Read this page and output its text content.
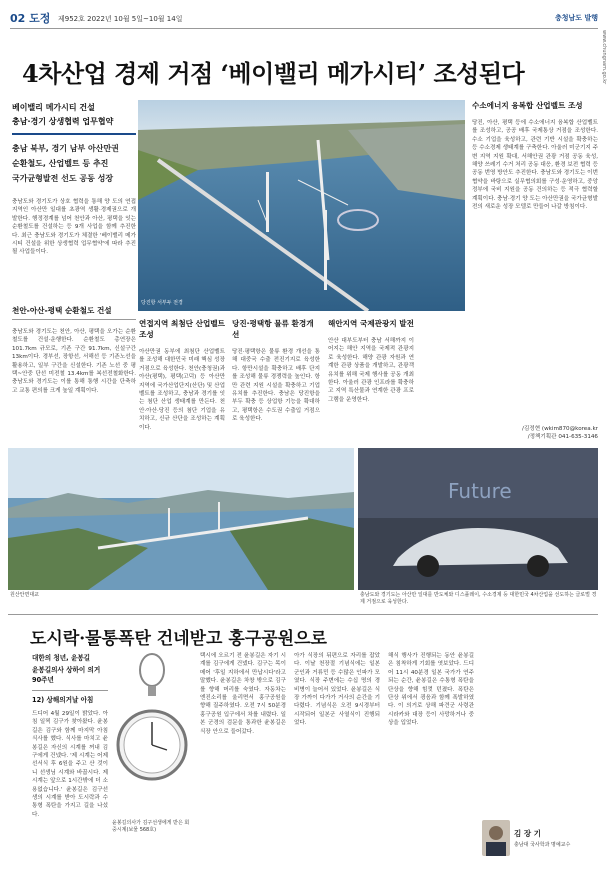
02 도정 제952호 2022년 10월 5일~10월 14일	충청남도 발행
www.chungnam.go.kr
4차산업 경제 거점 ‘베이밸리 메가시티’ 조성된다
베이밸리 메가시티 건설
충남·경기 상생협력 업무협약
충남 북부, 경기 남부 아산만권
순환철도, 산업벨트 등 추진
국가균형발전 선도 공동 성장
충남도와 경기도가 상호 협력을 통해 양 도의 연접지역인 아산만 일대를 초광역 생활·경제권으로 개발한다. 행정경계를 넘어 천안과 아산, 평택을 잇는 순환철도를 건설하는 등 9개 사업을 함께 추진한다. 최근 충남도와 경기도가 체결한 '베이밸리 메가시티 건설을 위한 상생협력 업무협약'에 따라 추진될 사업들이다.
당진항 서부두 전경
천안-아산-평택 순환철도 건설
충남도와 경기도는 천안, 아산, 평택을 오가는 순환철도를 건설·운행한다. 순환철도 총연장은 101.7km 규모로, 기존 구간 91.7km, 신설구간 13km이다. 경부선, 장항선, 서해선 등 기존노선을 활용하고, 일부 구간을 신설한다. 기존 노선 중 평택~안중 단선 미전철 13.4km를 복선전철화한다. 충남도와 경기도는 이를 통해 통행 시간을 단축하고 교통 편의를 크게 높일 계획이다.
연접지역 최첨단 산업벨트 조성
아산만권 동부에 최첨단 산업벨트를 조성해 대한민국 미래 핵심 성장거점으로 육성한다. 천안(충청권)과 아산(평택), 평택(고덕) 등 아산만 지역에 국가산업단지(산단) 및 산업벨트를 조성하고, 충남과 경기를 잇는 첨단 산업 생태계를 만든다. 천안·아산·당진 등의 첨단 기업을 유치하고, 신규 산단을 조성하는 계획이다.
당진·평택항 물류 환경개선
당진·평택항은 물류 환경 개선을 통해 대중국 수출 전진기지로 육성한다. 항만시설을 확충하고 배후 단지를 조성해 물류 경쟁력을 높인다. 항만 관련 지원 시설을 확충하고 기업 유치를 추진한다. 충남은 당진항을 부두 확충 등 상업항 기능을 확대하고, 평택항은 수도권 수출입 거점으로 육성한다.
해안지역 국제관광지 발전
안산 대부도부터 충남 서해까지 이어지는 해안 지역을 국제적 관광지로 육성한다. 해양 관광 자원과 연계한 관광 상품을 개발하고, 관광객 유치를 위해 국제 행사를 공동 개최한다. 아울러 관광 인프라를 확충하고 지역 특산물과 연계한 관광 프로그램을 운영한다.
수소에너지 융복합 산업벨트 조성
당진, 아산, 평택 등에 수소에너지 융복합 산업벨트를 조성하고, 공공 배후 국제통상 거점을 조성한다. 수소 기업을 육성하고, 관련 기반 시설을 확충하는 등 수소경제 생태계를 구축한다. 아울러 미군기지 주변 지역 지원 확대, 서해안권 관광 거점 공동 육성, 해양 쓰레기 수거 처리 공동 대응, 환경 보전 협력 등 공동 번영 방안도 추진한다. 충남도와 경기도는 이번 협약을 바탕으로 실무협의회를 구성·운영하고, 중앙정부에 국비 지원을 공동 건의하는 등 적극 협력할 계획이다. 충남·경기 양 도는 아산만권을 국가균형발전의 새로운 성장 모델로 만들어 나갈 방침이다.
/김정현 (wkim870@korea.kr
/정책기획관 041-635-3146
원산안면대교
Future
충남도와 경기도는 아산만 일대를 반도체와 디스플레이, 수소경제 등 대한민국 4차산업을 선도하는 글로벌 경제 거점으로 육성한다.
도시락·물통폭탄 건네받고 홍구공원으로
대한의 청년, 윤봉길
윤봉길의사 상하이 의거 90주년
12) 상해의거날 아침
드디어 4월 29일이 밝았다. 아침 일찍 김구가 찾아왔다. 윤봉길은 김구와 함께 마지막 아침 식사를 했다. 식사를 마치고 윤봉길은 자신의 시계를 꺼내 김구에게 건넸다. '제 시계는 어제 선서식 후 6원을 주고 산 것이니 선생님 시계와 바꿉시다. 제 시계는 앞으로 1시간밖에 더 소용없습니다.' 윤봉길은 김구선생의 시계를 받아 도시락과 수통형 폭탄을 가지고 길을 나섰다.
윤봉길의사가 김구선생에게 받은 회중시계(보물 568호)
택시에 오르기 전 윤봉길은 자기 시계를 김구에게 건넸다. 김구는 목이 메어 '후일 지하에서 만납시다'라고 말했다. 윤봉길은 차창 밖으로 김구를 향해 머리를 숙였다. 자동차는 엔진소리를 울리면서 홍구공원을 향해 질주하였다. 오전 7시 50분경 홍구공원 입구에서 차를 내렸다. 일본 군경의 검문을 통과한 윤봉길은 식장 안으로 들어갔다.
아가 식장의 뒤편으로 자리를 잡았다. 이날 천장절 기념식에는 일본 군인과 거류민 등 수많은 인파가 모였다. 식장 주변에는 수십 명의 경비병이 늘어서 있었다. 윤봉길은 식장 가까이 다가가 거사의 순간을 기다렸다. 기념식은 오전 9시경부터 시작되어 일본군 사열식이 진행되었다.
해식 행사가 진행되는 동안 윤봉길은 침착하게 기회를 엿보았다. 드디어 11시 40분경 일본 국가가 연주되는 순간, 윤봉길은 수통형 폭탄을 단상을 향해 힘껏 던졌다. 폭탄은 단상 위에서 굉음과 함께 폭발하였다. 이 의거로 상해 파견군 사령관 시라카와 대장 등이 사망하거나 중상을 입었다.
김 장 기
충남대 국사학과 명예교수
